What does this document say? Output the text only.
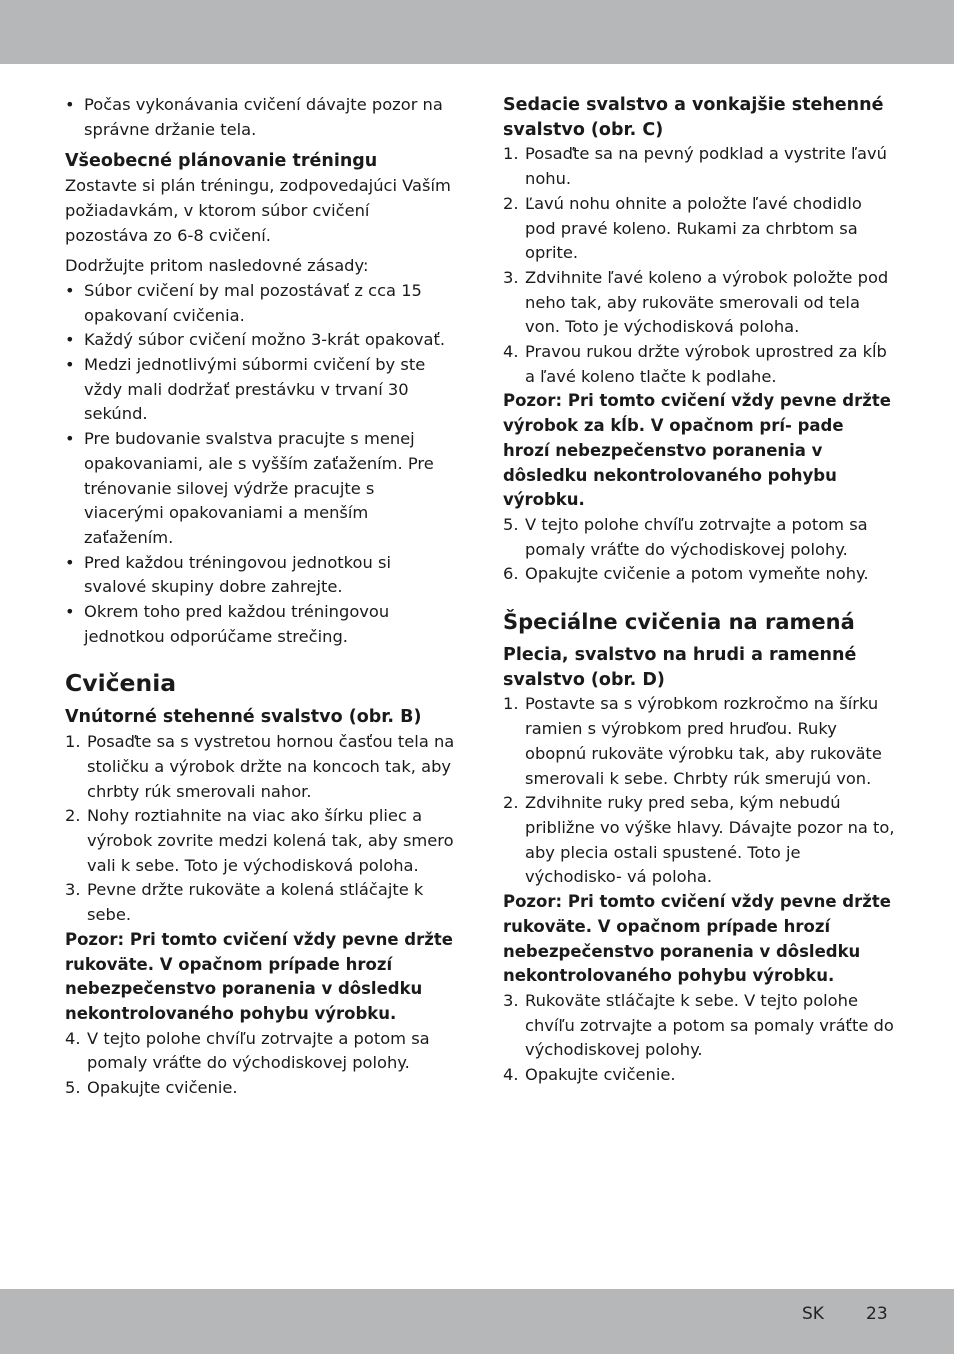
• Počas vykonávania cvičení dávajte pozor na správne držanie tela.
Všeobecné plánovanie tréningu

Zostavte si plán tréningu, zodpovedajúci Vaším požiadavkám, v ktorom súbor cvičení pozostáva zo 6-8 cvičení.

Dodržujte pritom nasledovné zásady:

• Súbor cvičení by mal pozostávať z cca 15 opakovaní cvičenia.
• Každý súbor cvičení možno 3-krát opakovať.
• Medzi jednotlivými súbormi cvičení by ste vždy mali dodržať prestávku v trvaní 30 sekúnd.
• Pre budovanie svalstva pracujte s menej opakovaniami, ale s vyšším zaťažením. Pre trénovanie silovej výdrže pracujte s viacerými opakovaniami a menším zaťažením.
• Pred každou tréningovou jednotkou si svalové skupiny dobre zahrejte.
• Okrem toho pred každou tréningovou jednotkou odporúčame strečing.
Cvičenia
Vnútorné stehenné svalstvo (obr. B)
1. Posaďte sa s vystretou hornou časťou tela na stoličku a výrobok držte na koncoch tak, aby chrbty rúk smerovali nahor.
2. Nohy roztiahnite na viac ako šírku pliec a výrobok zovrite medzi kolená tak, aby smero vali k sebe. Toto je východisková poloha.
3. Pevne držte rukoväte a kolená stláčajte k sebe.

Pozor: Pri tomto cvičení vždy pevne držte rukoväte. V opačnom prípade hrozí nebezpečenstvo poranenia v dôsledku nekontrolovaného pohybu výrobku.

4. V tejto polohe chvíľu zotrvajte a potom sa pomaly vráťte do východiskovej polohy.
5. Opakujte cvičenie.
Sedacie svalstvo a vonkajšie stehenné svalstvo (obr. C)
1. Posaďte sa na pevný podklad a vystrite ľavú nohu.
2. Ľavú nohu ohnite a položte ľavé chodidlo pod pravé koleno. Rukami za chrbtom sa oprite.
3. Zdvihnite ľavé koleno a výrobok položte pod neho tak, aby rukoväte smerovali od tela von. Toto je východisková poloha.
4. Pravou rukou držte výrobok uprostred za kĺb a ľavé koleno tlačte k podlahe.

Pozor: Pri tomto cvičení vždy pevne držte výrobok za kĺb. V opačnom prí- pade hrozí nebezpečenstvo poranenia v dôsledku nekontrolovaného pohybu výrobku.

5. V tejto polohe chvíľu zotrvajte a potom sa pomaly vráťte do východiskovej polohy.
6. Opakujte cvičenie a potom vymeňte nohy.
Špeciálne cvičenia na ramená
Plecia, svalstvo na hrudi a ramenné svalstvo (obr. D)
1. Postavte sa s výrobkom rozkročmo na šírku ramien s výrobkom pred hruďou. Ruky obopnú rukoväte výrobku tak, aby rukoväte smerovali k sebe. Chrbty rúk smerujú von.
2. Zdvihnite ruky pred seba, kým nebudú približne vo výške hlavy. Dávajte pozor na to, aby plecia ostali spustené. Toto je východisko- vá poloha.

Pozor: Pri tomto cvičení vždy pevne držte rukoväte. V opačnom prípade hrozí nebezpečenstvo poranenia v dôsledku nekontrolovaného pohybu výrobku.

3. Rukoväte stláčajte k sebe. V tejto polohe chvíľu zotrvajte a potom sa pomaly vráťte do východiskovej polohy.
4. Opakujte cvičenie.
SK 23
